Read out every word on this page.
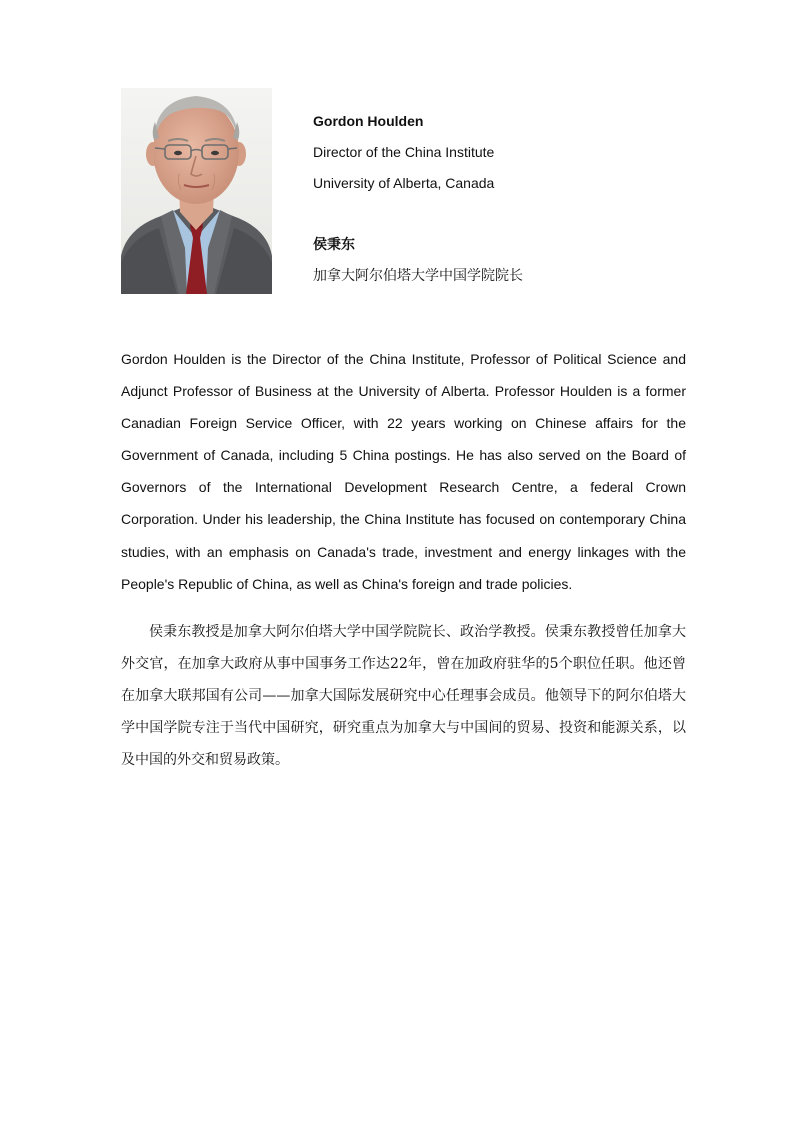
Gordon Houlden
Director of the China Institute
University of Alberta, Canada
侯秉东
加拿大阿尔伯塔大学中国学院院长

Gordon Houlden is the Director of the China Institute, Professor of Political Science and Adjunct Professor of Business at the University of Alberta. Professor Houlden is a former Canadian Foreign Service Officer, with 22 years working on Chinese affairs for the Government of Canada, including 5 China postings. He has also served on the Board of Governors of the International Development Research Centre, a federal Crown Corporation. Under his leadership, the China Institute has focused on contemporary China studies, with an emphasis on Canada's trade, investment and energy linkages with the People's Republic of China, as well as China's foreign and trade policies.

侯秉东教授是加拿大阿尔伯塔大学中国学院院长、政治学教授。侯秉东教授曾任加拿大外交官，在加拿大政府从事中国事务工作达22年，曾在加政府驻华的5个职位任职。他还曾在加拿大联邦国有公司——加拿大国际发展研究中心任理事会成员。他领导下的阿尔伯塔大学中国学院专注于当代中国研究，研究重点为加拿大与中国间的贸易、投资和能源关系，以及中国的外交和贸易政策。
